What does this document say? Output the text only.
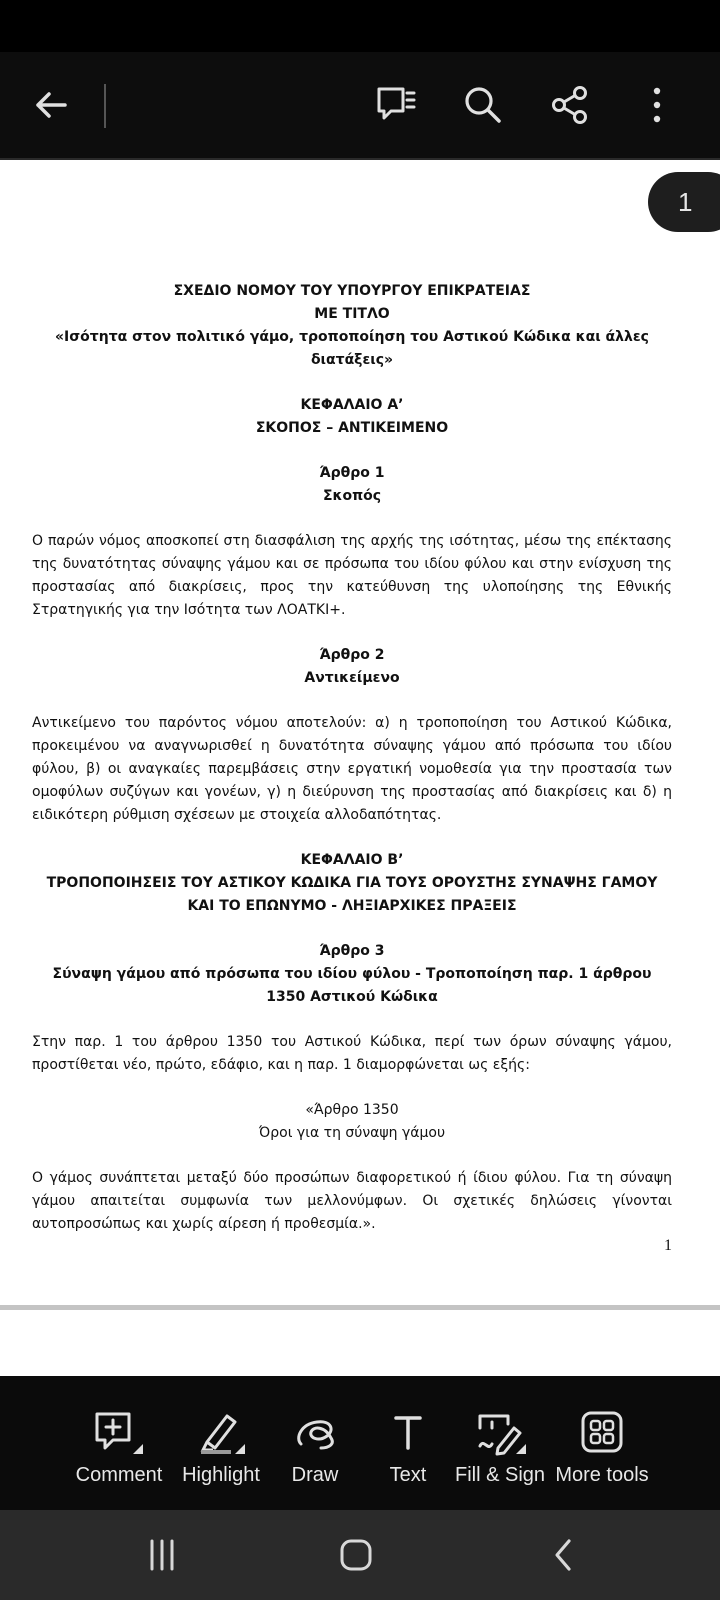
1
ΣΧΕΔΙΟ ΝΟΜΟΥ ΤΟΥ ΥΠΟΥΡΓΟΥ ΕΠΙΚΡΑΤΕΙΑΣ
ΜΕ ΤΙΤΛΟ
«Ισότητα στον πολιτικό γάμο, τροποποίηση του Αστικού Κώδικα και άλλες διατάξεις»
ΚΕΦΑΛΑΙΟ Α’
ΣΚΟΠΟΣ – ΑΝΤΙΚΕΙΜΕΝΟ
Άρθρο 1
Σκοπός
Ο παρών νόμος αποσκοπεί στη διασφάλιση της αρχής της ισότητας, μέσω της επέκτασης της δυνατότητας σύναψης γάμου και σε πρόσωπα του ιδίου φύλου και στην ενίσχυση της προστασίας από διακρίσεις, προς την κατεύθυνση της υλοποίησης της Εθνικής Στρατηγικής για την Ισότητα των ΛΟΑΤΚΙ+.
Άρθρο 2
Αντικείμενο
Αντικείμενο του παρόντος νόμου αποτελούν: α) η τροποποίηση του Αστικού Κώδικα, προκειμένου να αναγνωρισθεί η δυνατότητα σύναψης γάμου από πρόσωπα του ιδίου φύλου, β) οι αναγκαίες παρεμβάσεις στην εργατική νομοθεσία για την προστασία των ομοφύλων συζύγων και γονέων, γ) η διεύρυνση της προστασίας από διακρίσεις και δ) η ειδικότερη ρύθμιση σχέσεων με στοιχεία αλλοδαπότητας.
ΚΕΦΑΛΑΙΟ Β’
ΤΡΟΠΟΠΟΙΗΣΕΙΣ ΤΟΥ ΑΣΤΙΚΟΥ ΚΩΔΙΚΑ ΓΙΑ ΤΟΥΣ ΟΡΟΥΣΤΗΣ ΣΥΝΑΨΗΣ ΓΑΜΟΥ ΚΑΙ ΤΟ ΕΠΩΝΥΜΟ - ΛΗΞΙΑΡΧΙΚΕΣ ΠΡΑΞΕΙΣ
Άρθρο 3
Σύναψη γάμου από πρόσωπα του ιδίου φύλου - Τροποποίηση παρ. 1 άρθρου 1350 Αστικού Κώδικα
Στην παρ. 1 του άρθρου 1350 του Αστικού Κώδικα, περί των όρων σύναψης γάμου, προστίθεται νέο, πρώτο, εδάφιο, και η παρ. 1 διαμορφώνεται ως εξής:
«Άρθρο 1350
Όροι για τη σύναψη γάμου
Ο γάμος συνάπτεται μεταξύ δύο προσώπων διαφορετικού ή ίδιου φύλου. Για τη σύναψη γάμου απαιτείται συμφωνία των μελλονύμφων. Οι σχετικές δηλώσεις γίνονται αυτοπροσώπως και χωρίς αίρεση ή προθεσμία.».
1
Comment Highlight	Draw	Text	Fill & Sign More tools
